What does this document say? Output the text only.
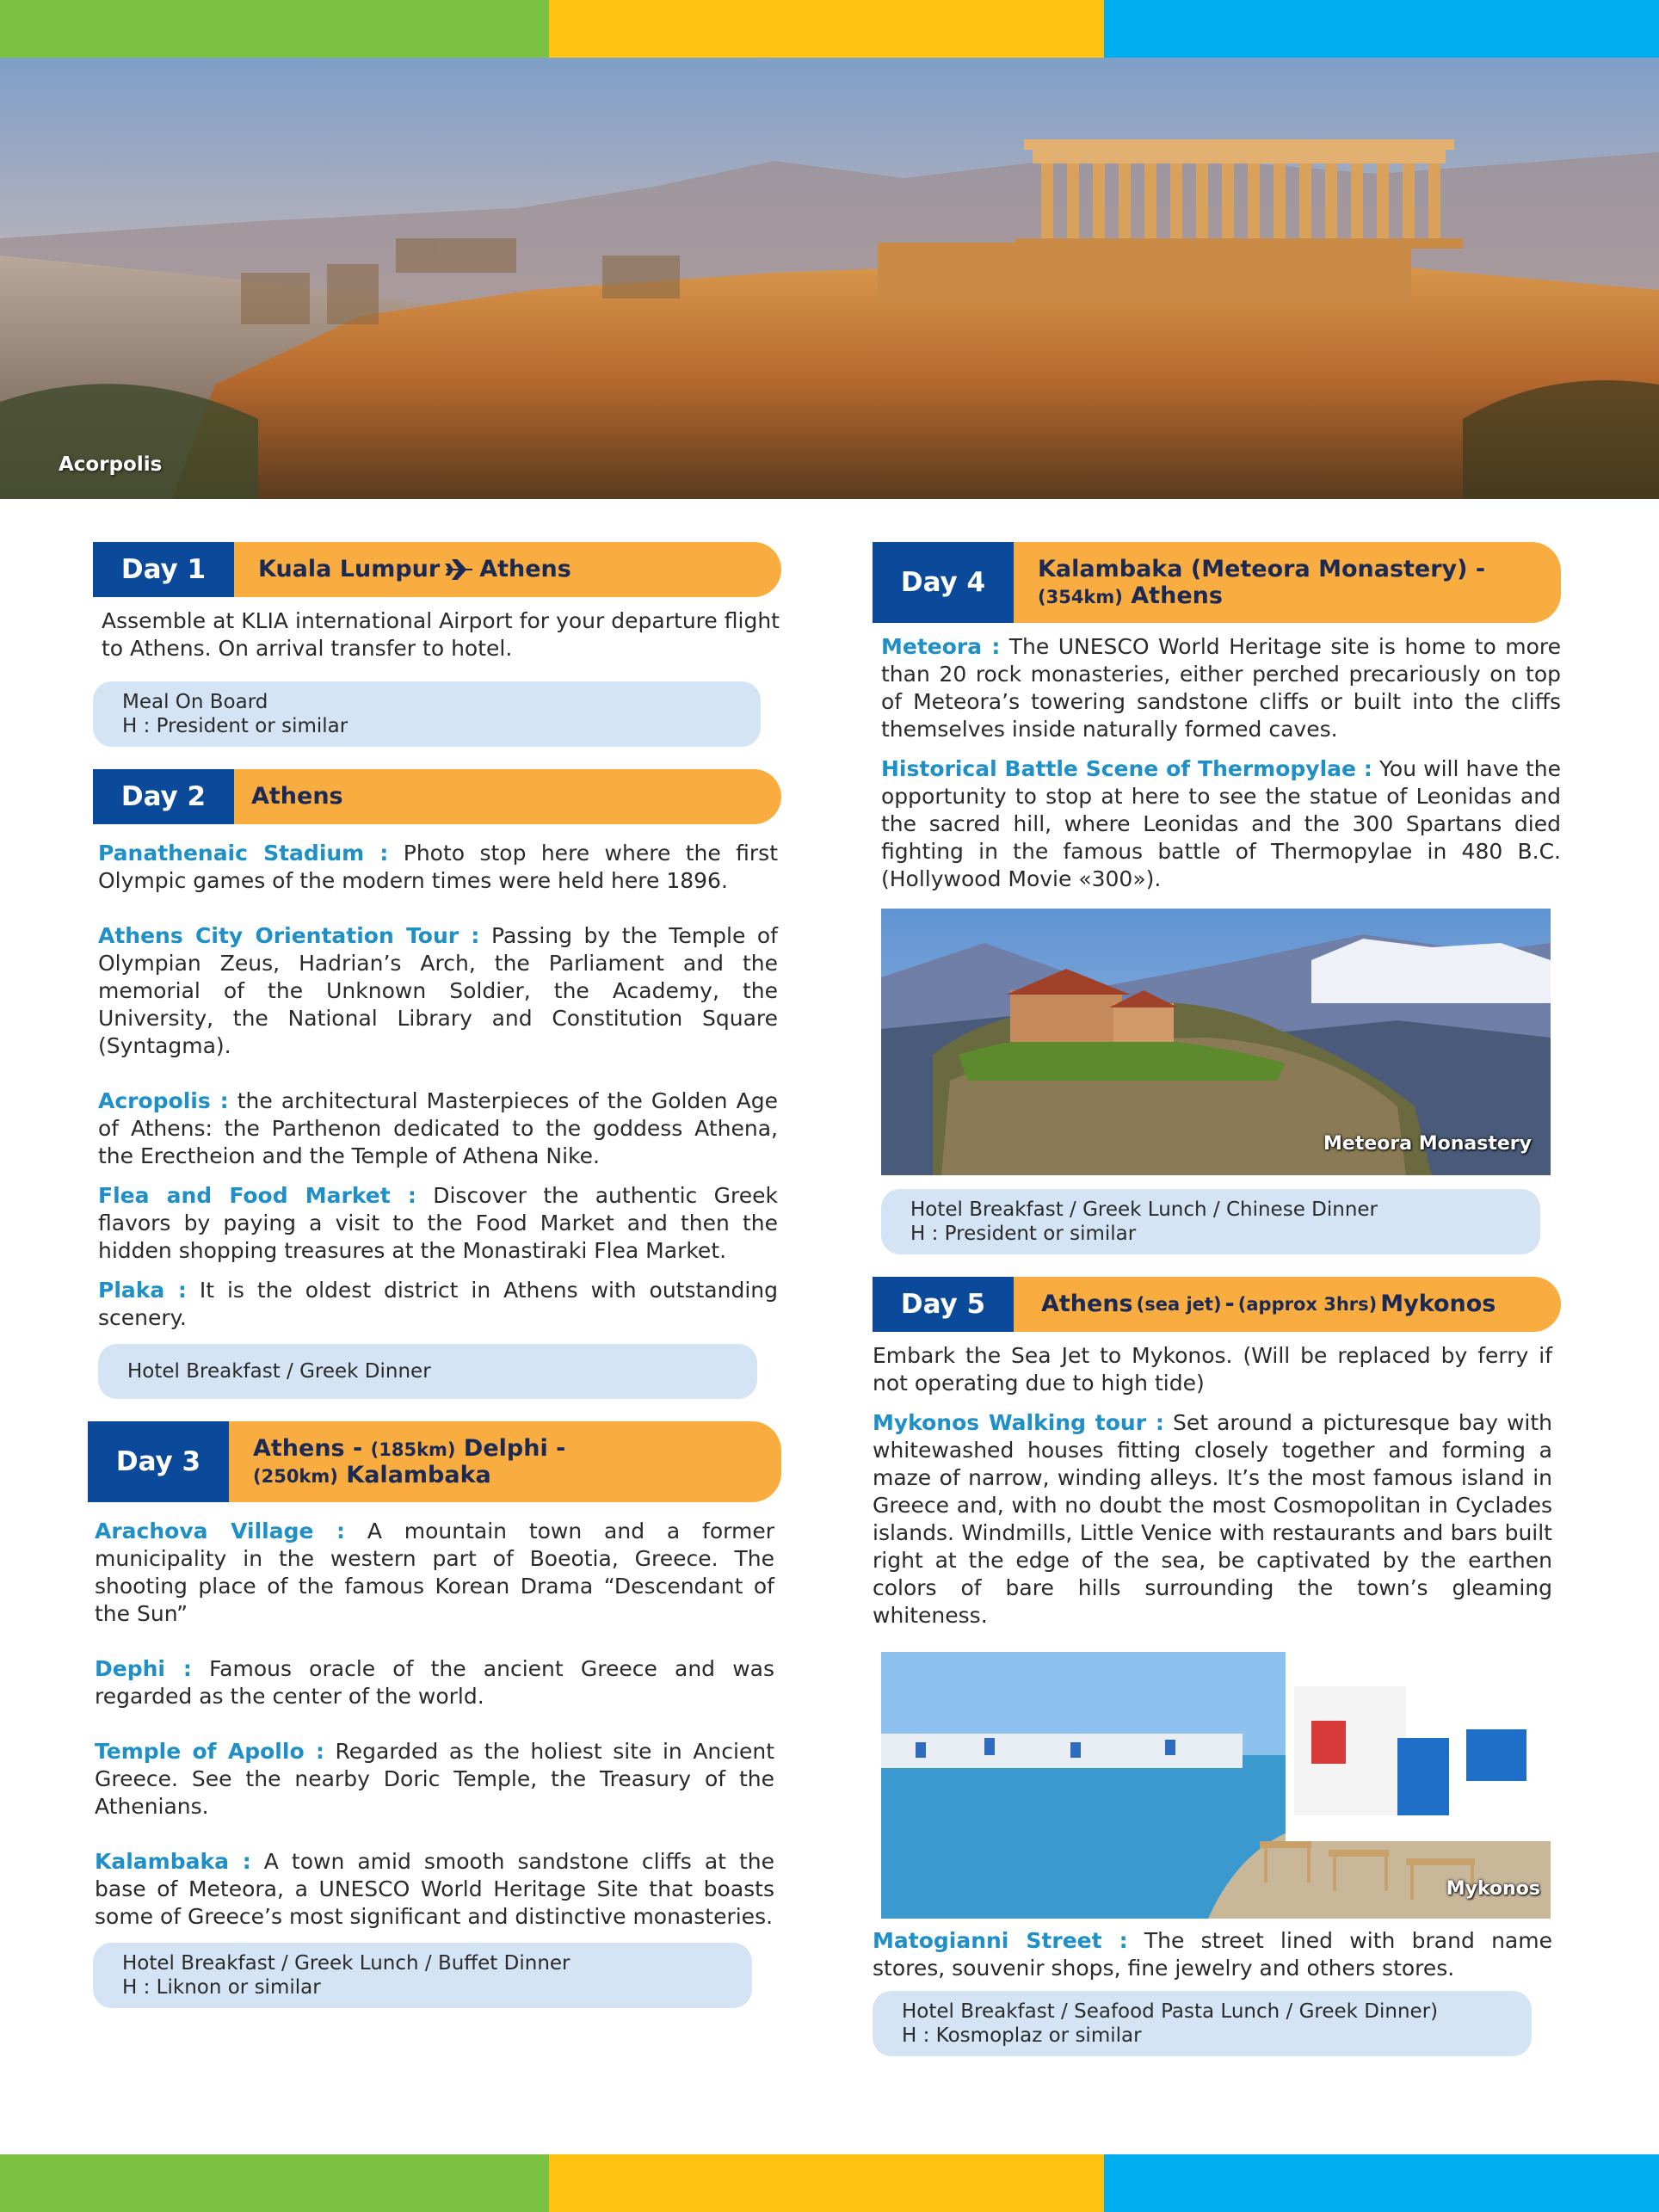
Acorpolis
Day 1	Kuala Lumpur Athens

Assemble at KLIA international Airport for your departure flight to Athens. On arrival transfer to hotel.

Meal On Board
H : President or similar
Day 2	Athens

Panathenaic Stadium : Photo stop here where the first Olympic games of the modern times were held here 1896.

Athens City Orientation Tour : Passing by the Temple of Olympian Zeus, Hadrian’s Arch, the Parliament and the memorial of the Unknown Soldier, the Academy, the University, the National Library and Constitution Square (Syntagma).

Acropolis : the architectural Masterpieces of the Golden Age of Athens: the Parthenon dedicated to the goddess Athena, the Erectheion and the Temple of Athena Nike.

Flea and Food Market : Discover the authentic Greek flavors by paying a visit to the Food Market and then the hidden shopping treasures at the Monastiraki Flea Market.

Plaka : It is the oldest district in Athens with outstanding scenery.

Hotel Breakfast / Greek Dinner
Day 3	Athens - (185km) Delphi -
(250km) Kalambaka

Arachova Village : A mountain town and a former municipality in the western part of Boeotia, Greece. The shooting place of the famous Korean Drama “Descendant of the Sun”

Dephi : Famous oracle of the ancient Greece and was regarded as the center of the world.

Temple of Apollo : Regarded as the holiest site in Ancient Greece. See the nearby Doric Temple, the Treasury of the Athenians.

Kalambaka : A town amid smooth sandstone cliffs at the base of Meteora, a UNESCO World Heritage Site that boasts some of Greece’s most significant and distinctive monasteries.

Hotel Breakfast / Greek Lunch / Buffet Dinner
H : Liknon or similar
Day 4	Kalambaka (Meteora Monastery) -
(354km) Athens

Meteora : The UNESCO World Heritage site is home to more than 20 rock monasteries, either perched precariously on top of Meteora’s towering sandstone cliffs or built into the cliffs themselves inside naturally formed caves.

Historical Battle Scene of Thermopylae : You will have the opportunity to stop at here to see the statue of Leonidas and the sacred hill, where Leonidas and the 300 Spartans died fighting in the famous battle of Thermopylae in 480 B.C. (Hollywood Movie «300»).

Meteora Monastery
Hotel Breakfast / Greek Lunch / Chinese Dinner
H : President or similar
Day 5	Athens (sea jet) - (approx 3hrs) Mykonos

Embark the Sea Jet to Mykonos. (Will be replaced by ferry if not operating due to high tide)

Mykonos Walking tour : Set around a picturesque bay with whitewashed houses fitting closely together and forming a maze of narrow, winding alleys. It’s the most famous island in Greece and, with no doubt the most Cosmopolitan in Cyclades islands. Windmills, Little Venice with restaurants and bars built right at the edge of the sea, be captivated by the earthen colors of bare hills surrounding the town’s gleaming whiteness.

Mykonos

Matogianni Street : The street lined with brand name stores, souvenir shops, fine jewelry and others stores.

Hotel Breakfast / Seafood Pasta Lunch / Greek Dinner)
H : Kosmoplaz or similar
